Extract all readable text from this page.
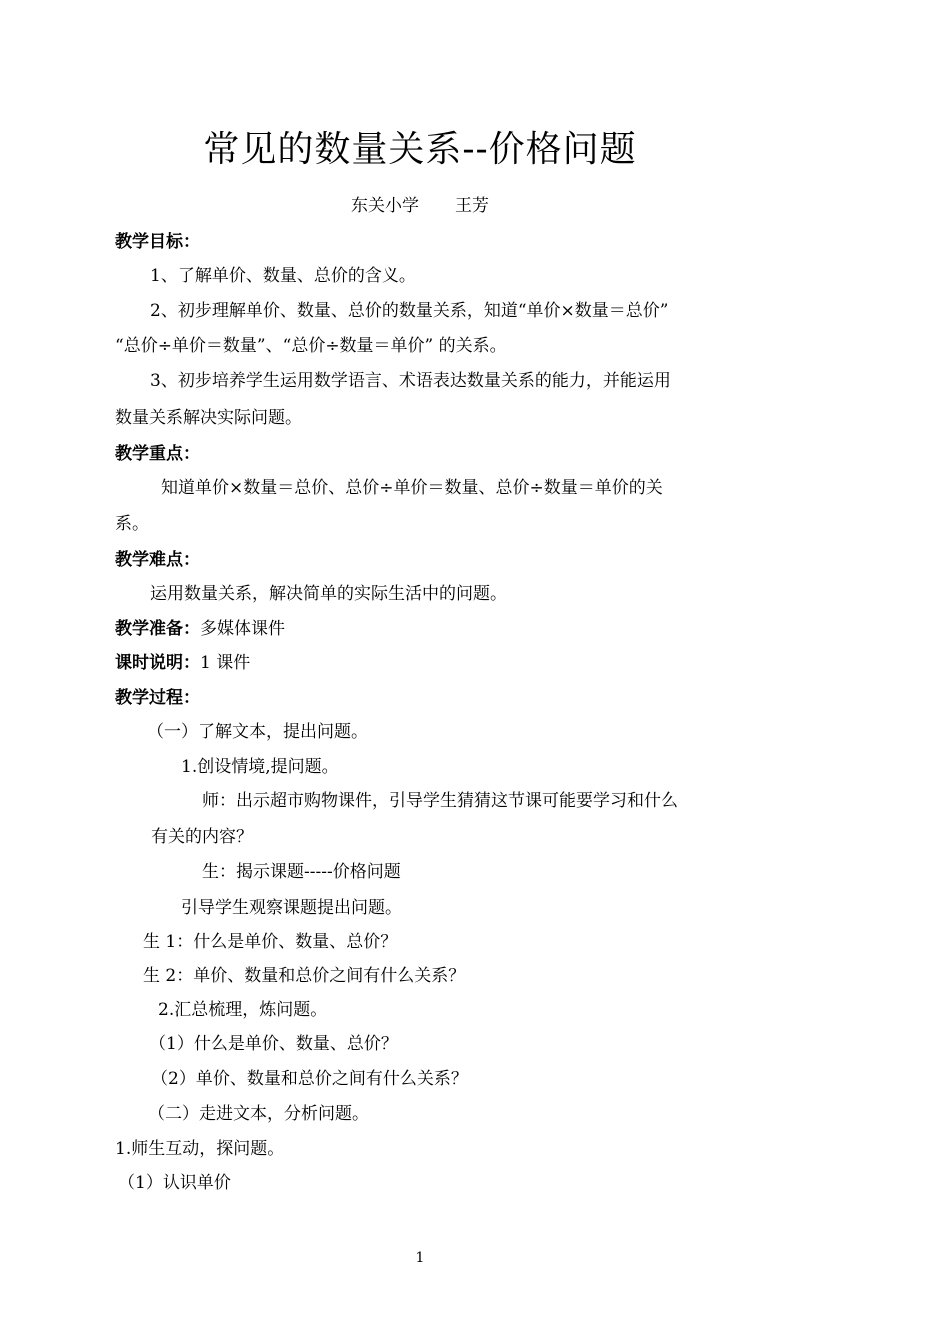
常见的数量关系--价格问题
东关小学 王芳
教学目标：
1、了解单价、数量、总价的含义。
2、初步理解单价、数量、总价的数量关系，知道“单价×数量＝总价”
“总价÷单价＝数量”、“总价÷数量＝单价” 的关系。
3、初步培养学生运用数学语言、术语表达数量关系的能力，并能运用
数量关系解决实际问题。
教学重点：
知道单价×数量＝总价、总价÷单价＝数量、总价÷数量＝单价的关
系。
教学难点：
运用数量关系，解决简单的实际生活中的问题。
教学准备：多媒体课件
课时说明：1 课件
教学过程：
（一）了解文本，提出问题。
1.创设情境,提问题。
师：出示超市购物课件，引导学生猜猜这节课可能要学习和什么
有关的内容？
生：揭示课题-----价格问题
引导学生观察课题提出问题。
生 1：什么是单价、数量、总价？
生 2：单价、数量和总价之间有什么关系？
2.汇总梳理，炼问题。
（1）什么是单价、数量、总价？
（2）单价、数量和总价之间有什么关系？
（二）走进文本，分析问题。
1.师生互动，探问题。
（1）认识单价
1
